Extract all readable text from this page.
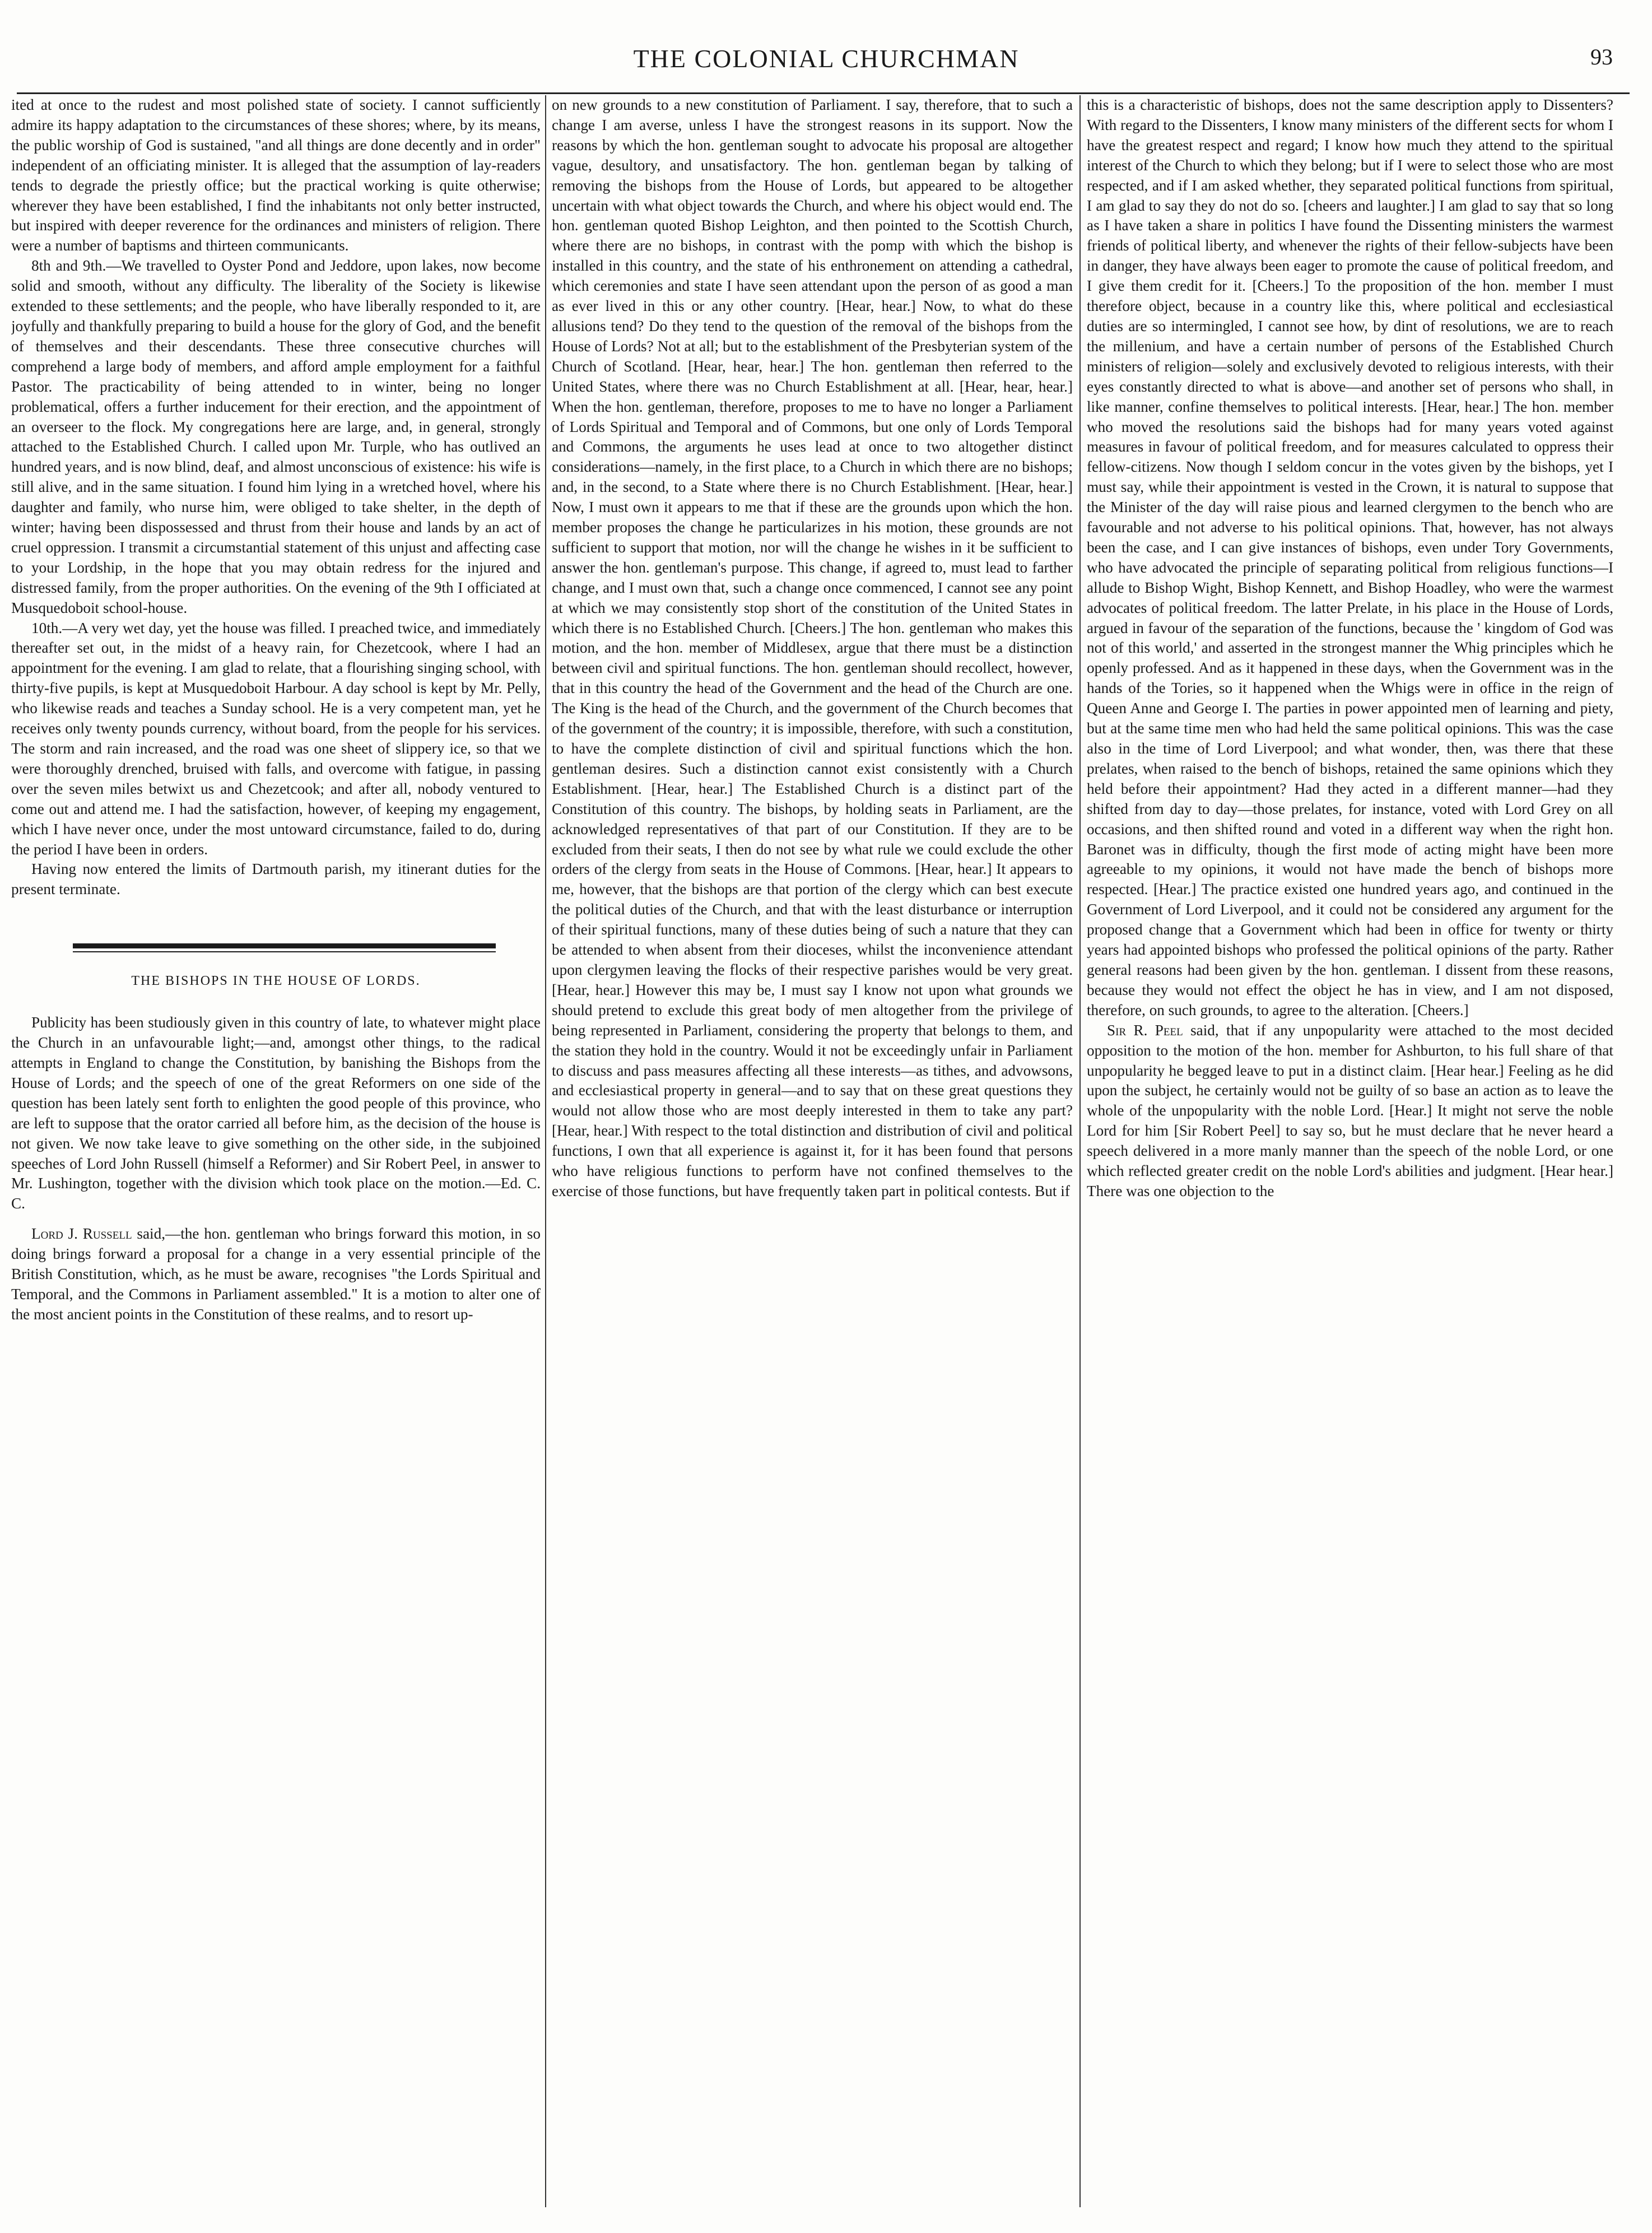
THE COLONIAL CHURCHMAN	93

ited at once to the rudest and most polished state of society. I cannot sufficiently admire its happy adaptation to the circumstances of these shores; where, by its means, the public worship of God is sustained, "and all things are done decently and in order" independent of an officiating minister. It is alleged that the assumption of lay-readers tends to degrade the priestly office; but the practical working is quite otherwise; wherever they have been established, I find the inhabitants not only better instructed, but inspired with deeper reverence for the ordinances and ministers of religion. There were a number of baptisms and thirteen communicants.

8th and 9th.—We travelled to Oyster Pond and Jeddore, upon lakes, now become solid and smooth, without any difficulty. The liberality of the Society is likewise extended to these settlements; and the people, who have liberally responded to it, are joyfully and thankfully preparing to build a house for the glory of God, and the benefit of themselves and their descendants. These three consecutive churches will comprehend a large body of members, and afford ample employment for a faithful Pastor. The practicability of being attended to in winter, being no longer problematical, offers a further inducement for their erection, and the appointment of an overseer to the flock. My congregations here are large, and, in general, strongly attached to the Established Church. I called upon Mr. Turple, who has outlived an hundred years, and is now blind, deaf, and almost unconscious of existence: his wife is still alive, and in the same situation. I found him lying in a wretched hovel, where his daughter and family, who nurse him, were obliged to take shelter, in the depth of winter; having been dispossessed and thrust from their house and lands by an act of cruel oppression. I transmit a circumstantial statement of this unjust and affecting case to your Lordship, in the hope that you may obtain redress for the injured and distressed family, from the proper authorities. On the evening of the 9th I officiated at Musquedoboit school-house.

10th.—A very wet day, yet the house was filled. I preached twice, and immediately thereafter set out, in the midst of a heavy rain, for Chezetcook, where I had an appointment for the evening. I am glad to relate, that a flourishing singing school, with thirty-five pupils, is kept at Musquedoboit Harbour. A day school is kept by Mr. Pelly, who likewise reads and teaches a Sunday school. He is a very competent man, yet he receives only twenty pounds currency, without board, from the people for his services. The storm and rain increased, and the road was one sheet of slippery ice, so that we were thoroughly drenched, bruised with falls, and overcome with fatigue, in passing over the seven miles betwixt us and Chezetcook; and after all, nobody ventured to come out and attend me. I had the satisfaction, however, of keeping my engagement, which I have never once, under the most untoward circumstance, failed to do, during the period I have been in orders.

Having now entered the limits of Dartmouth parish, my itinerant duties for the present terminate.

THE BISHOPS IN THE HOUSE OF LORDS.

Publicity has been studiously given in this country of late, to whatever might place the Church in an unfavourable light;—and, amongst other things, to the radical attempts in England to change the Constitution, by banishing the Bishops from the House of Lords; and the speech of one of the great Reformers on one side of the question has been lately sent forth to enlighten the good people of this province, who are left to suppose that the orator carried all before him, as the decision of the house is not given. We now take leave to give something on the other side, in the subjoined speeches of Lord John Russell (himself a Reformer) and Sir Robert Peel, in answer to Mr. Lushington, together with the division which took place on the motion.—Ed. C. C.

Lord J. Russell said,—the hon. gentleman who brings forward this motion, in so doing brings forward a proposal for a change in a very essential principle of the British Constitution, which, as he must be aware, recognises "the Lords Spiritual and Temporal, and the Commons in Parliament assembled." It is a motion to alter one of the most ancient points in the Constitution of these realms, and to resort up-

on new grounds to a new constitution of Parliament. I say, therefore, that to such a change I am averse, unless I have the strongest reasons in its support. Now the reasons by which the hon. gentleman sought to advocate his proposal are altogether vague, desultory, and unsatisfactory. The hon. gentleman began by talking of removing the bishops from the House of Lords, but appeared to be altogether uncertain with what object towards the Church, and where his object would end. The hon. gentleman quoted Bishop Leighton, and then pointed to the Scottish Church, where there are no bishops, in contrast with the pomp with which the bishop is installed in this country, and the state of his enthronement on attending a cathedral, which ceremonies and state I have seen attendant upon the person of as good a man as ever lived in this or any other country. [Hear, hear.] Now, to what do these allusions tend? Do they tend to the question of the removal of the bishops from the House of Lords? Not at all; but to the establishment of the Presbyterian system of the Church of Scotland. [Hear, hear, hear.] The hon. gentleman then referred to the United States, where there was no Church Establishment at all. [Hear, hear, hear.] When the hon. gentleman, therefore, proposes to me to have no longer a Parliament of Lords Spiritual and Temporal and of Commons, but one only of Lords Temporal and Commons, the arguments he uses lead at once to two altogether distinct considerations—namely, in the first place, to a Church in which there are no bishops; and, in the second, to a State where there is no Church Establishment. [Hear, hear.] Now, I must own it appears to me that if these are the grounds upon which the hon. member proposes the change he particularizes in his motion, these grounds are not sufficient to support that motion, nor will the change he wishes in it be sufficient to answer the hon. gentleman's purpose. This change, if agreed to, must lead to farther change, and I must own that, such a change once commenced, I cannot see any point at which we may consistently stop short of the constitution of the United States in which there is no Established Church. [Cheers.] The hon. gentleman who makes this motion, and the hon. member of Middlesex, argue that there must be a distinction between civil and spiritual functions. The hon. gentleman should recollect, however, that in this country the head of the Government and the head of the Church are one. The King is the head of the Church, and the government of the Church becomes that of the government of the country; it is impossible, therefore, with such a constitution, to have the complete distinction of civil and spiritual functions which the hon. gentleman desires. Such a distinction cannot exist consistently with a Church Establishment. [Hear, hear.] The Established Church is a distinct part of the Constitution of this country. The bishops, by holding seats in Parliament, are the acknowledged representatives of that part of our Constitution. If they are to be excluded from their seats, I then do not see by what rule we could exclude the other orders of the clergy from seats in the House of Commons. [Hear, hear.] It appears to me, however, that the bishops are that portion of the clergy which can best execute the political duties of the Church, and that with the least disturbance or interruption of their spiritual functions, many of these duties being of such a nature that they can be attended to when absent from their dioceses, whilst the inconvenience attendant upon clergymen leaving the flocks of their respective parishes would be very great. [Hear, hear.] However this may be, I must say I know not upon what grounds we should pretend to exclude this great body of men altogether from the privilege of being represented in Parliament, considering the property that belongs to them, and the station they hold in the country. Would it not be exceedingly unfair in Parliament to discuss and pass measures affecting all these interests—as tithes, and advowsons, and ecclesiastical property in general—and to say that on these great questions they would not allow those who are most deeply interested in them to take any part? [Hear, hear.] With respect to the total distinction and distribution of civil and political functions, I own that all experience is against it, for it has been found that persons who have religious functions to perform have not confined themselves to the exercise of those functions, but have frequently taken part in political contests. But if

this is a characteristic of bishops, does not the same description apply to Dissenters? With regard to the Dissenters, I know many ministers of the different sects for whom I have the greatest respect and regard; I know how much they attend to the spiritual interest of the Church to which they belong; but if I were to select those who are most respected, and if I am asked whether, they separated political functions from spiritual, I am glad to say they do not do so. [cheers and laughter.] I am glad to say that so long as I have taken a share in politics I have found the Dissenting ministers the warmest friends of political liberty, and whenever the rights of their fellow-subjects have been in danger, they have always been eager to promote the cause of political freedom, and I give them credit for it. [Cheers.] To the proposition of the hon. member I must therefore object, because in a country like this, where political and ecclesiastical duties are so intermingled, I cannot see how, by dint of resolutions, we are to reach the millenium, and have a certain number of persons of the Established Church ministers of religion—solely and exclusively devoted to religious interests, with their eyes constantly directed to what is above—and another set of persons who shall, in like manner, confine themselves to political interests. [Hear, hear.] The hon. member who moved the resolutions said the bishops had for many years voted against measures in favour of political freedom, and for measures calculated to oppress their fellow-citizens. Now though I seldom concur in the votes given by the bishops, yet I must say, while their appointment is vested in the Crown, it is natural to suppose that the Minister of the day will raise pious and learned clergymen to the bench who are favourable and not adverse to his political opinions. That, however, has not always been the case, and I can give instances of bishops, even under Tory Governments, who have advocated the principle of separating political from religious functions—I allude to Bishop Wight, Bishop Kennett, and Bishop Hoadley, who were the warmest advocates of political freedom. The latter Prelate, in his place in the House of Lords, argued in favour of the separation of the functions, because the ' kingdom of God was not of this world,' and asserted in the strongest manner the Whig principles which he openly professed. And as it happened in these days, when the Government was in the hands of the Tories, so it happened when the Whigs were in office in the reign of Queen Anne and George I. The parties in power appointed men of learning and piety, but at the same time men who had held the same political opinions. This was the case also in the time of Lord Liverpool; and what wonder, then, was there that these prelates, when raised to the bench of bishops, retained the same opinions which they held before their appointment? Had they acted in a different manner—had they shifted from day to day—those prelates, for instance, voted with Lord Grey on all occasions, and then shifted round and voted in a different way when the right hon. Baronet was in difficulty, though the first mode of acting might have been more agreeable to my opinions, it would not have made the bench of bishops more respected. [Hear.] The practice existed one hundred years ago, and continued in the Government of Lord Liverpool, and it could not be considered any argument for the proposed change that a Government which had been in office for twenty or thirty years had appointed bishops who professed the political opinions of the party. Rather general reasons had been given by the hon. gentleman. I dissent from these reasons, because they would not effect the object he has in view, and I am not disposed, therefore, on such grounds, to agree to the alteration. [Cheers.]

Sir R. Peel said, that if any unpopularity were attached to the most decided opposition to the motion of the hon. member for Ashburton, to his full share of that unpopularity he begged leave to put in a distinct claim. [Hear hear.] Feeling as he did upon the subject, he certainly would not be guilty of so base an action as to leave the whole of the unpopularity with the noble Lord. [Hear.] It might not serve the noble Lord for him [Sir Robert Peel] to say so, but he must declare that he never heard a speech delivered in a more manly manner than the speech of the noble Lord, or one which reflected greater credit on the noble Lord's abilities and judgment. [Hear hear.] There was one objection to the
